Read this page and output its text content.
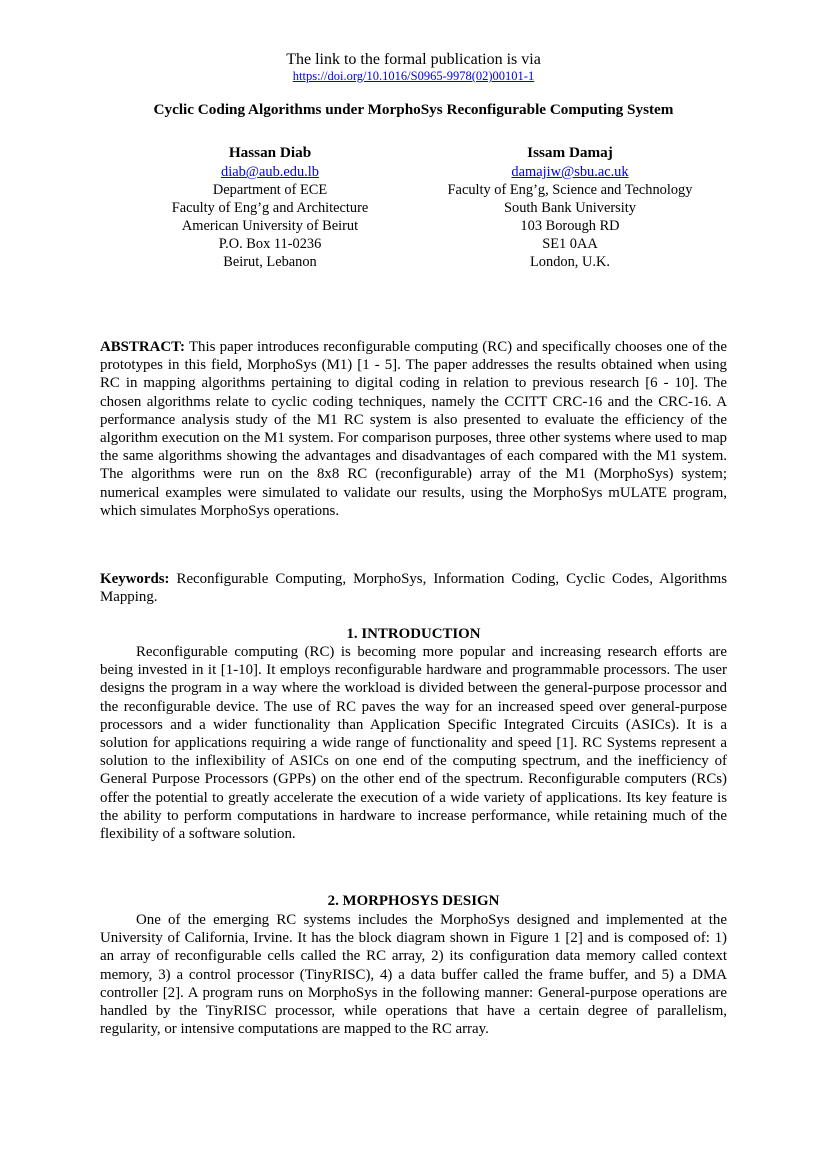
The link to the formal publication is via
https://doi.org/10.1016/S0965-9978(02)00101-1
Cyclic Coding Algorithms under MorphoSys Reconfigurable Computing System
Hassan Diab
diab@aub.edu.lb
Department of ECE
Faculty of Eng’g and Architecture
American University of Beirut
P.O. Box 11-0236
Beirut, Lebanon
Issam Damaj
damajiw@sbu.ac.uk
Faculty of Eng’g, Science and Technology
South Bank University
103 Borough RD
SE1 0AA
London, U.K.
ABSTRACT: This paper introduces reconfigurable computing (RC) and specifically chooses one of the prototypes in this field, MorphoSys (M1) [1 - 5]. The paper addresses the results obtained when using RC in mapping algorithms pertaining to digital coding in relation to previous research [6 - 10]. The chosen algorithms relate to cyclic coding techniques, namely the CCITT CRC-16 and the CRC-16. A performance analysis study of the M1 RC system is also presented to evaluate the efficiency of the algorithm execution on the M1 system. For comparison purposes, three other systems where used to map the same algorithms showing the advantages and disadvantages of each compared with the M1 system. The algorithms were run on the 8x8 RC (reconfigurable) array of the M1 (MorphoSys) system; numerical examples were simulated to validate our results, using the MorphoSys mULATE program, which simulates MorphoSys operations.
Keywords: Reconfigurable Computing, MorphoSys, Information Coding, Cyclic Codes, Algorithms Mapping.
1. INTRODUCTION
Reconfigurable computing (RC) is becoming more popular and increasing research efforts are being invested in it [1-10]. It employs reconfigurable hardware and programmable processors. The user designs the program in a way where the workload is divided between the general-purpose processor and the reconfigurable device. The use of RC paves the way for an increased speed over general-purpose processors and a wider functionality than Application Specific Integrated Circuits (ASICs). It is a solution for applications requiring a wide range of functionality and speed [1]. RC Systems represent a solution to the inflexibility of ASICs on one end of the computing spectrum, and the inefficiency of General Purpose Processors (GPPs) on the other end of the spectrum. Reconfigurable computers (RCs) offer the potential to greatly accelerate the execution of a wide variety of applications. Its key feature is the ability to perform computations in hardware to increase performance, while retaining much of the flexibility of a software solution.
2. MORPHOSYS DESIGN
One of the emerging RC systems includes the MorphoSys designed and implemented at the University of California, Irvine. It has the block diagram shown in Figure 1 [2] and is composed of: 1) an array of reconfigurable cells called the RC array, 2) its configuration data memory called context memory, 3) a control processor (TinyRISC), 4) a data buffer called the frame buffer, and 5) a DMA controller [2]. A program runs on MorphoSys in the following manner: General-purpose operations are handled by the TinyRISC processor, while operations that have a certain degree of parallelism, regularity, or intensive computations are mapped to the RC array.
